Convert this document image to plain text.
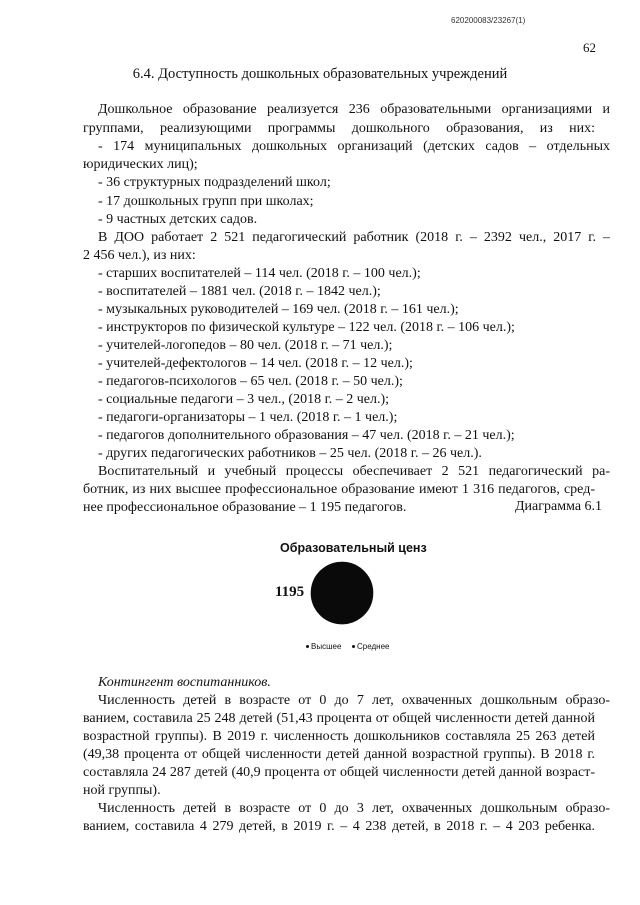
620200083/23267(1)
62
6.4. Доступность дошкольных образовательных учреждений
Дошкольное образование реализуется 236 образовательными организациями и
группами, реализующими программы дошкольного образования, из них:
- 174 муниципальных дошкольных организаций (детских садов – отдельных
юридических лиц);
- 36 структурных подразделений школ;
- 17 дошкольных групп при школах;
- 9 частных детских садов.
В ДОО работает 2 521 педагогический работник (2018 г. – 2392 чел., 2017 г. –
2 456 чел.), из них:
- старших воспитателей – 114 чел. (2018 г. – 100 чел.);
- воспитателей – 1881 чел. (2018 г. – 1842 чел.);
- музыкальных руководителей – 169 чел. (2018 г. – 161 чел.);
- инструкторов по физической культуре – 122 чел. (2018 г. – 106 чел.);
- учителей-логопедов – 80 чел. (2018 г. – 71 чел.);
- учителей-дефектологов – 14 чел. (2018 г. – 12 чел.);
- педагогов-психологов – 65 чел. (2018 г. – 50 чел.);
- социальные педагоги – 3 чел., (2018 г. – 2 чел.);
- педагоги-организаторы – 1 чел. (2018 г. – 1 чел.);
- педагогов дополнительного образования – 47 чел. (2018 г. – 21 чел.);
- других педагогических работников – 25 чел. (2018 г. – 26 чел.).
Воспитательный и учебный процессы обеспечивает 2 521 педагогический ра-
ботник, из них высшее профессиональное образование имеют 1 316 педагогов, сред-
нее профессиональное образование – 1 195 педагогов.	Диаграмма 6.1
Образовательный ценз
1195
Высшее	Среднее
Контингент воспитанников.
Численность детей в возрасте от 0 до 7 лет, охваченных дошкольным образо-
ванием, составила 25 248 детей (51,43 процента от общей численности детей данной
возрастной группы). В 2019 г. численность дошкольников составляла 25 263 детей
(49,38 процента от общей численности детей данной возрастной группы). В 2018 г.
составляла 24 287 детей (40,9 процента от общей численности детей данной возраст-
ной группы).
Численность детей в возрасте от 0 до 3 лет, охваченных дошкольным образо-
ванием, составила 4 279 детей, в 2019 г. – 4 238 детей, в 2018 г. – 4 203 ребенка.
